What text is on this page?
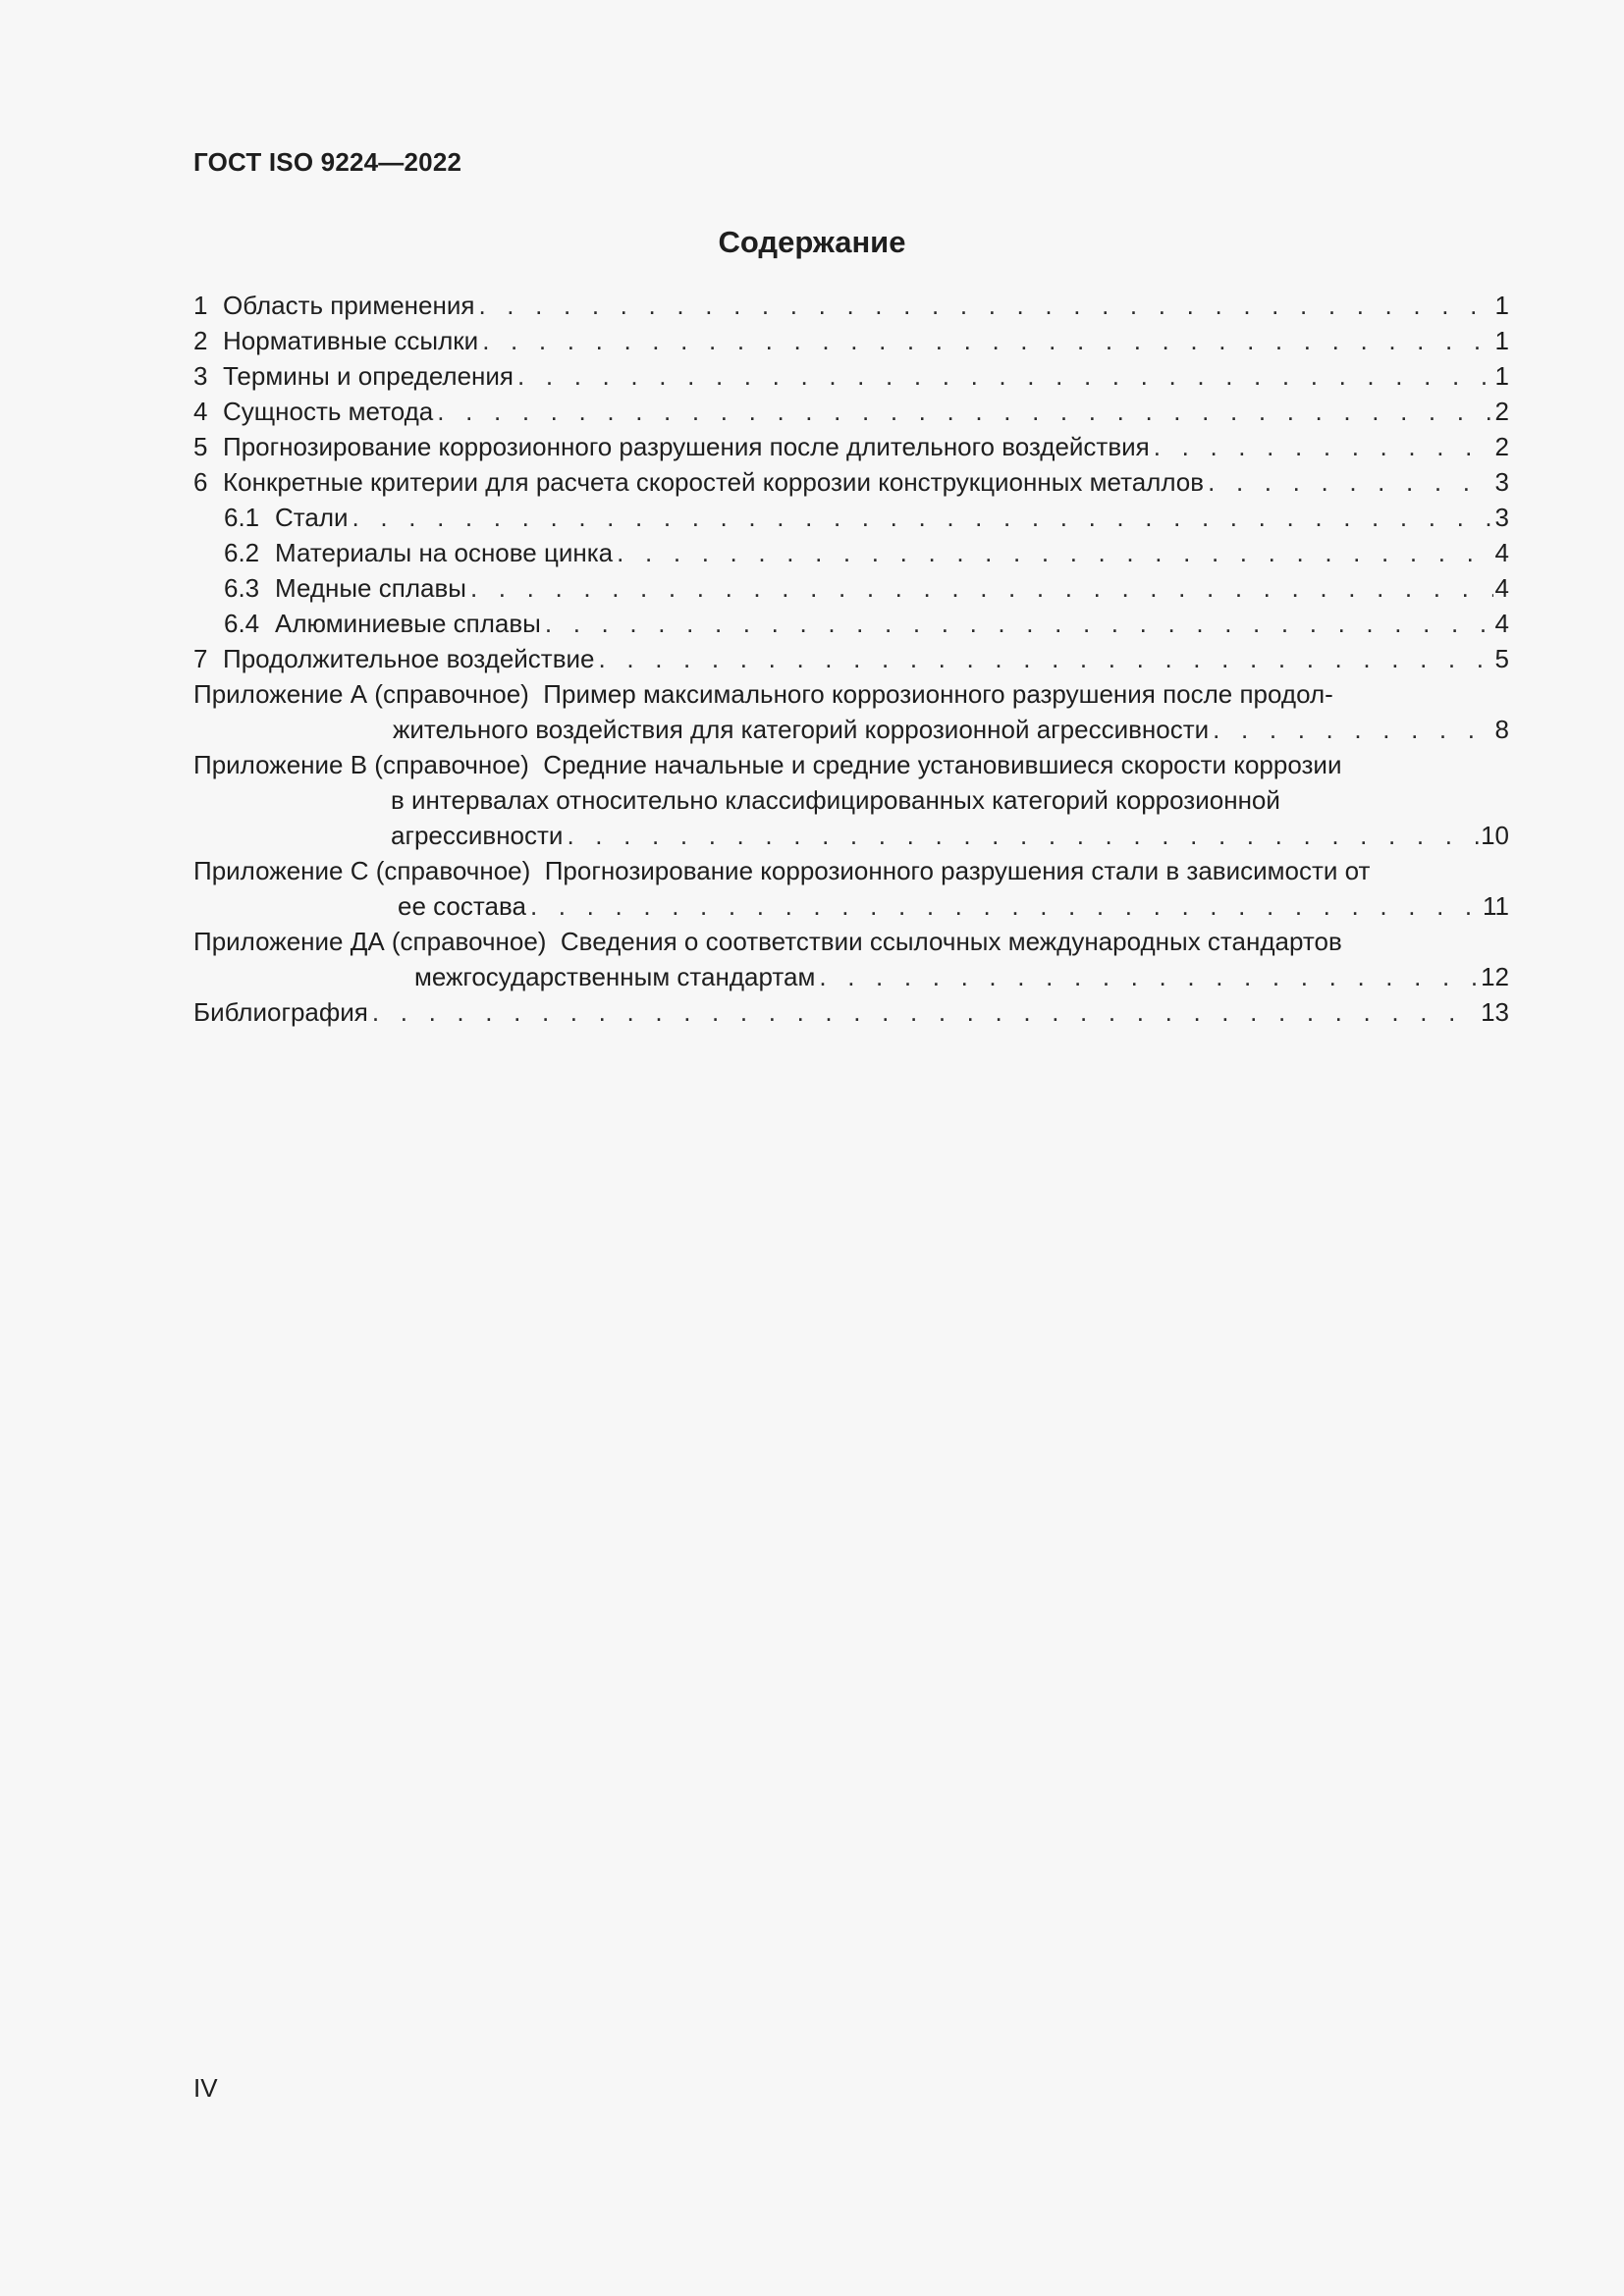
ГОСТ ISO 9224—2022
Содержание
1 Область применения . . .	1
2 Нормативные ссылки . . .	1
3 Термины и определения . . .	1
4 Сущность метода . . .	2
5 Прогнозирование коррозионного разрушения после длительного воздействия . . .	2
6 Конкретные критерии для расчета скоростей коррозии конструкционных металлов . . .	3
6.1 Стали . . .	3
6.2 Материалы на основе цинка . . .	4
6.3 Медные сплавы . . .	4
6.4 Алюминиевые сплавы . . .	4
7 Продолжительное воздействие . . .	5
Приложение А (справочное) Пример максимального коррозионного разрушения после продол-
жительного воздействия для категорий коррозионной агрессивности . . .	8
Приложение В (справочное) Средние начальные и средние установившиеся скорости коррозии
в интервалах относительно классифицированных категорий коррозионной
агрессивности . . .	10
Приложение С (справочное) Прогнозирование коррозионного разрушения стали в зависимости от
ее состава . . .	11
Приложение ДА (справочное) Сведения о соответствии ссылочных международных стандартов
межгосударственным стандартам . . .	12
Библиография . . .	13
IV
